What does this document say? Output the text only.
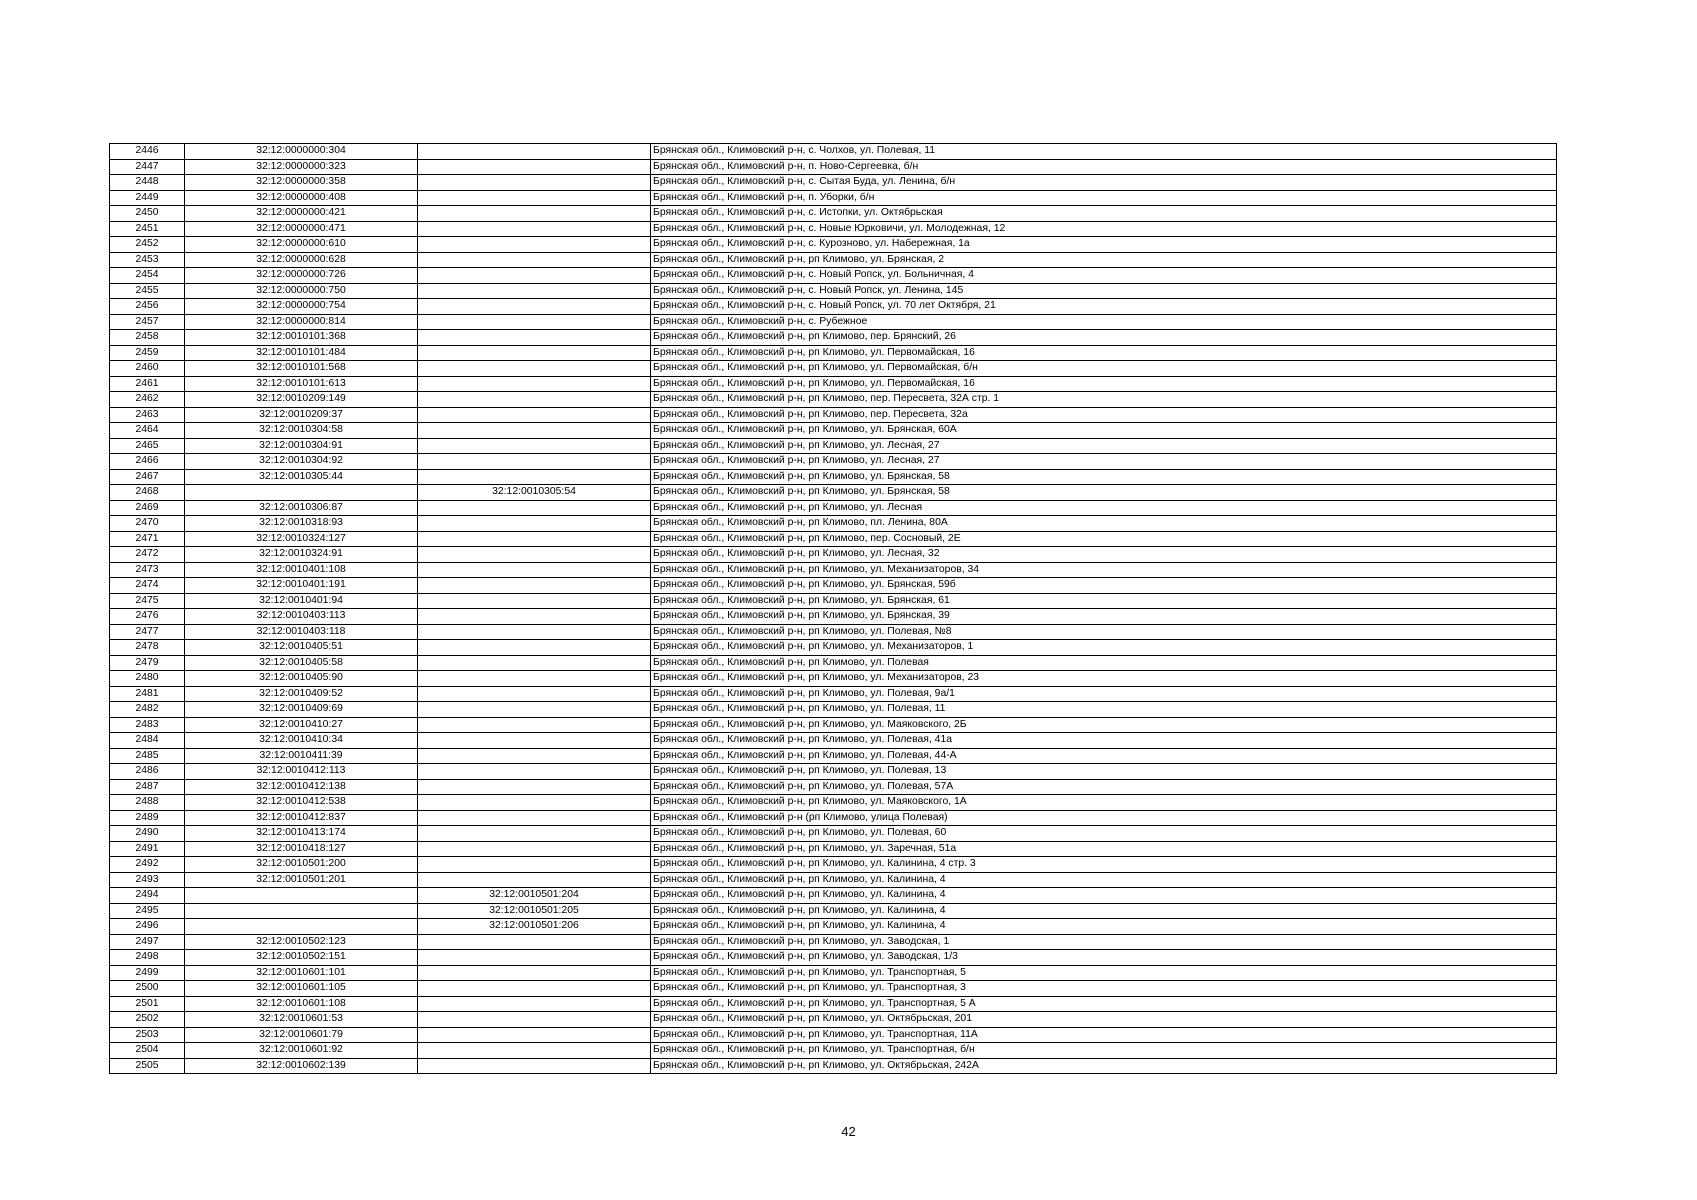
2446	32:12:0000000:304		Брянская обл., Климовский р-н, с. Чолхов, ул. Полевая, 11
2447	32:12:0000000:323		Брянская обл., Климовский р-н, п. Ново-Сергеевка, б/н
2448	32:12:0000000:358		Брянская обл., Климовский р-н, с. Сытая Буда, ул. Ленина, б/н
2449	32:12:0000000:408		Брянская обл., Климовский р-н, п. Уборки, б/н
2450	32:12:0000000:421		Брянская обл., Климовский р-н, с. Истопки, ул. Октябрьская
2451	32:12:0000000:471		Брянская обл., Климовский р-н, с. Новые Юрковичи, ул. Молодежная, 12
2452	32:12:0000000:610		Брянская обл., Климовский р-н, с. Курозново, ул. Набережная, 1а
2453	32:12:0000000:628		Брянская обл., Климовский р-н, рп Климово, ул. Брянская, 2
2454	32:12:0000000:726		Брянская обл., Климовский р-н, с. Новый Ропск, ул. Больничная, 4
2455	32:12:0000000:750		Брянская обл., Климовский р-н, с. Новый Ропск, ул. Ленина, 145
2456	32:12:0000000:754		Брянская обл., Климовский р-н, с. Новый Ропск, ул. 70 лет Октября, 21
2457	32:12:0000000:814		Брянская обл., Климовский р-н, с. Рубежное
2458	32:12:0010101:368		Брянская обл., Климовский р-н, рп Климово, пер. Брянский, 26
2459	32:12:0010101:484		Брянская обл., Климовский р-н, рп Климово, ул. Первомайская, 16
2460	32:12:0010101:568		Брянская обл., Климовский р-н, рп Климово, ул. Первомайская, б/н
2461	32:12:0010101:613		Брянская обл., Климовский р-н, рп Климово, ул. Первомайская, 16
2462	32:12:0010209:149		Брянская обл., Климовский р-н, рп Климово, пер. Пересвета, 32А стр. 1
2463	32:12:0010209:37		Брянская обл., Климовский р-н, рп Климово, пер. Пересвета, 32а
2464	32:12:0010304:58		Брянская обл., Климовский р-н, рп Климово, ул. Брянская, 60А
2465	32:12:0010304:91		Брянская обл., Климовский р-н, рп Климово, ул. Лесная, 27
2466	32:12:0010304:92		Брянская обл., Климовский р-н, рп Климово, ул. Лесная, 27
2467	32:12:0010305:44		Брянская обл., Климовский р-н, рп Климово, ул. Брянская, 58
2468		32:12:0010305:54	Брянская обл., Климовский р-н, рп Климово, ул. Брянская, 58
2469	32:12:0010306:87		Брянская обл., Климовский р-н, рп Климово, ул. Лесная
2470	32:12:0010318:93		Брянская обл., Климовский р-н, рп Климово, пл. Ленина, 80А
2471	32:12:0010324:127		Брянская обл., Климовский р-н, рп Климово, пер. Сосновый, 2Е
2472	32:12:0010324:91		Брянская обл., Климовский р-н, рп Климово, ул. Лесная, 32
2473	32:12:0010401:108		Брянская обл., Климовский р-н, рп Климово, ул. Механизаторов, 34
2474	32:12:0010401:191		Брянская обл., Климовский р-н, рп Климово, ул. Брянская, 59б
2475	32:12:0010401:94		Брянская обл., Климовский р-н, рп Климово, ул. Брянская, 61
2476	32:12:0010403:113		Брянская обл., Климовский р-н, рп Климово, ул. Брянская, 39
2477	32:12:0010403:118		Брянская обл., Климовский р-н, рп Климово, ул. Полевая, №8
2478	32:12:0010405:51		Брянская обл., Климовский р-н, рп Климово, ул. Механизаторов, 1
2479	32:12:0010405:58		Брянская обл., Климовский р-н, рп Климово, ул. Полевая
2480	32:12:0010405:90		Брянская обл., Климовский р-н, рп Климово, ул. Механизаторов, 23
2481	32:12:0010409:52		Брянская обл., Климовский р-н, рп Климово, ул. Полевая, 9а/1
2482	32:12:0010409:69		Брянская обл., Климовский р-н, рп Климово, ул. Полевая, 11
2483	32:12:0010410:27		Брянская обл., Климовский р-н, рп Климово, ул. Маяковского, 2Б
2484	32:12:0010410:34		Брянская обл., Климовский р-н, рп Климово, ул. Полевая, 41а
2485	32:12:0010411:39		Брянская обл., Климовский р-н, рп Климово, ул. Полевая, 44-А
2486	32:12:0010412:113		Брянская обл., Климовский р-н, рп Климово, ул. Полевая, 13
2487	32:12:0010412:138		Брянская обл., Климовский р-н, рп Климово, ул. Полевая, 57А
2488	32:12:0010412:538		Брянская обл., Климовский р-н, рп Климово, ул. Маяковского, 1А
2489	32:12:0010412:837		Брянская обл., Климовский р-н (рп Климово, улица Полевая)
2490	32:12:0010413:174		Брянская обл., Климовский р-н, рп Климово, ул. Полевая, 60
2491	32:12:0010418:127		Брянская обл., Климовский р-н, рп Климово, ул. Заречная, 51а
2492	32:12:0010501:200		Брянская обл., Климовский р-н, рп Климово, ул. Калинина, 4 стр. 3
2493	32:12:0010501:201		Брянская обл., Климовский р-н, рп Климово, ул. Калинина, 4
2494		32:12:0010501:204	Брянская обл., Климовский р-н, рп Климово, ул. Калинина, 4
2495		32:12:0010501:205	Брянская обл., Климовский р-н, рп Климово, ул. Калинина, 4
2496		32:12:0010501:206	Брянская обл., Климовский р-н, рп Климово, ул. Калинина, 4
2497	32:12:0010502:123		Брянская обл., Климовский р-н, рп Климово, ул. Заводская, 1
2498	32:12:0010502:151		Брянская обл., Климовский р-н, рп Климово, ул. Заводская, 1/3
2499	32:12:0010601:101		Брянская обл., Климовский р-н, рп Климово, ул. Транспортная, 5
2500	32:12:0010601:105		Брянская обл., Климовский р-н, рп Климово, ул. Транспортная, 3
2501	32:12:0010601:108		Брянская обл., Климовский р-н, рп Климово, ул. Транспортная, 5 А
2502	32:12:0010601:53		Брянская обл., Климовский р-н, рп Климово, ул. Октябрьская, 201
2503	32:12:0010601:79		Брянская обл., Климовский р-н, рп Климово, ул. Транспортная, 11А
2504	32:12:0010601:92		Брянская обл., Климовский р-н, рп Климово, ул. Транспортная, б/н
2505	32:12:0010602:139		Брянская обл., Климовский р-н, рп Климово, ул. Октябрьская, 242А
42
